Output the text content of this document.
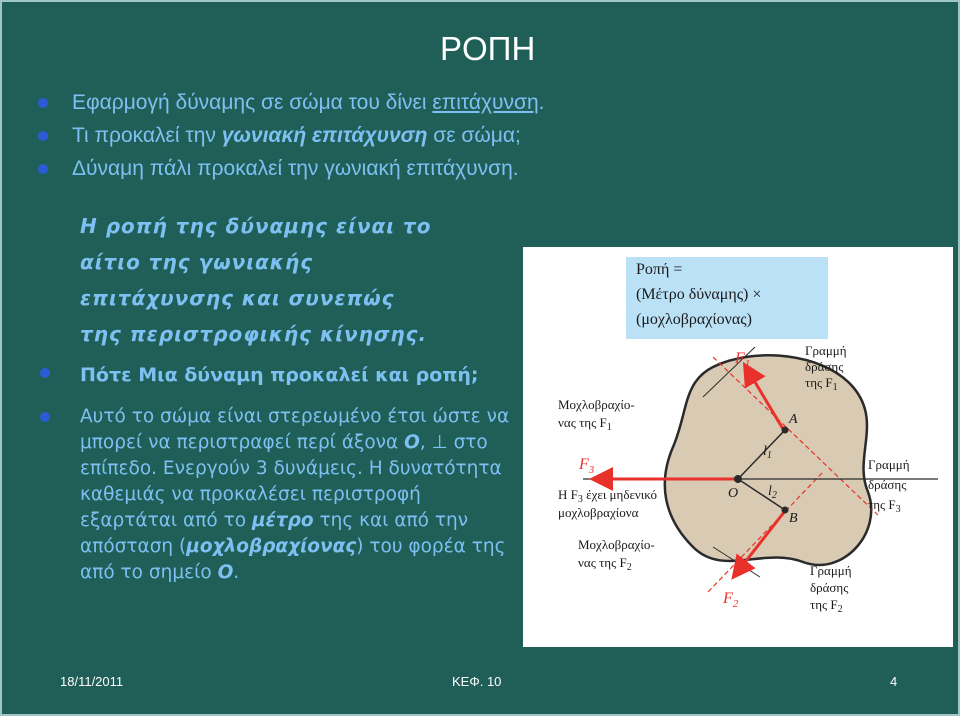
ΡΟΠΗ
Εφαρμογή δύναμης σε σώμα του δίνει επιτάχυνση.
Τι προκαλεί την γωνιακή επιτάχυνση σε σώμα;
Δύναμη πάλι προκαλεί την γωνιακή επιτάχυνση.
Η ροπή της δύναμης είναι το
αίτιο της γωνιακής
επιτάχυνσης και συνεπώς
της περιστροφικής κίνησης.
Πότε Μια δύναμη προκαλεί και ροπή;
Αυτό το σώμα είναι στερεωμένο έτσι ώστε να μπορεί να περιστραφεί περί άξονα Ο, ⊥ στο επίπεδο. Ενεργούν 3 δυνάμεις. Η δυνατότητα καθεμιάς να προκαλέσει περιστροφή εξαρτάται από το μέτρο της και από την απόσταση (μοχλοβραχίονας) του φορέα της από το σημείο Ο.
Ροπή =
(Μέτρο δύναμης) ×
(μοχλοβραχίονας)
$F_1$
$F_2$
$F_3$
A
B
O
$l_1$
$l_2$
Γραμμή δράσης της $F_1$
Μοχλοβραχίο-νας της $F_1$
Γραμμή δράσης της $F_3$
Η $F_3$ έχει μηδενικό μοχλοβραχίονα
Μοχλοβραχίο-νας της $F_2$	Γραμμή δράσης της $F_2$
18/11/2011	ΚΕΦ. 10	4
